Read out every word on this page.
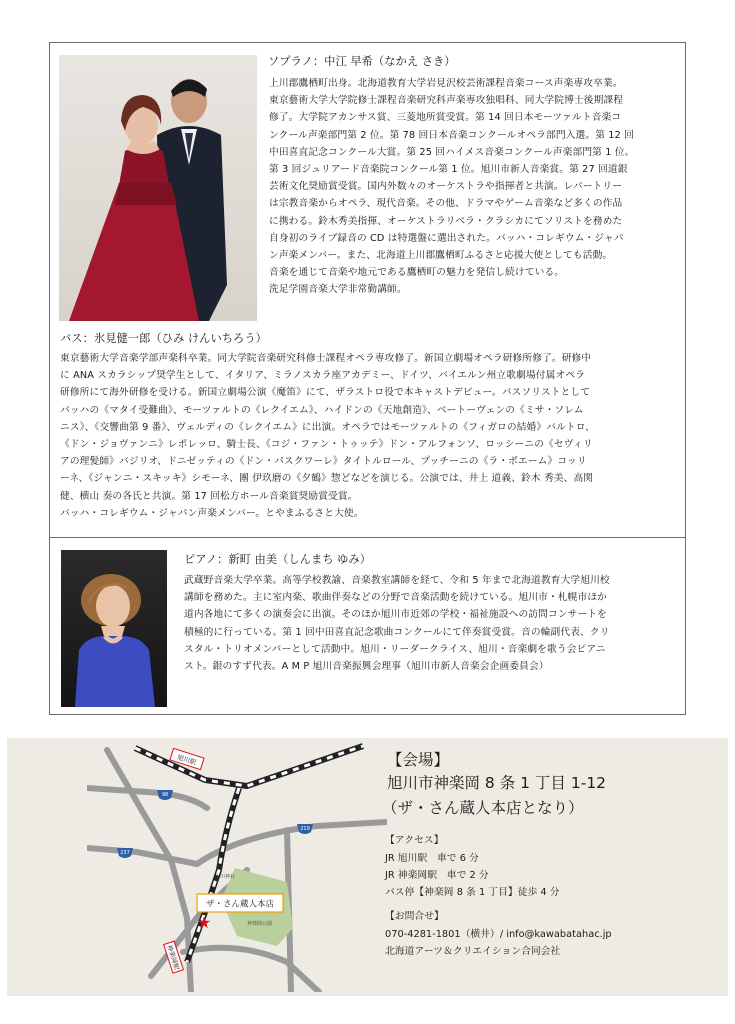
ソプラノ：中江 早希（なかえ さき）
上川郡鷹栖町出身。北海道教育大学岩見沢校芸術課程音楽コース声楽専攻卒業。
東京藝術大学大学院修士課程音楽研究科声楽専攻独唱科、同大学院博士後期課程
修了。大学院アカンサス賞、三菱地所賞受賞。第 14 回日本モーツァルト音楽コ
ンクール声楽部門第 2 位。第 78 回日本音楽コンクールオペラ部門入選。第 12 回
中田喜直記念コンクール大賞。第 25 回ハイメス音楽コンクール声楽部門第 1 位。
第 3 回ジュリアード音楽院コンクール第 1 位。旭川市新人音楽賞。第 27 回道銀
芸術文化奨励賞受賞。国内外数々のオーケストラや指揮者と共演。レパートリー
は宗教音楽からオペラ、現代音楽。その他、ドラマやゲーム音楽など多くの作品
に携わる。鈴木秀美指揮、オーケストラリベラ・クラシカにてソリストを務めた
自身初のライブ録音の CD は特選盤に選出された。バッハ・コレギウム・ジャパ
ン声楽メンバー。また、北海道上川郡鷹栖町ふるさと応援大使としても活動。
音楽を通じて音楽や地元である鷹栖町の魅力を発信し続けている。
洗足学園音楽大学非常勤講師。
バス：氷見健一郎（ひみ けんいちろう）
東京藝術大学音楽学部声楽科卒業。同大学院音楽研究科修士課程オペラ専攻修了。新国立劇場オペラ研修所修了。研修中
に ANA スカラシップ奨学生として、イタリア、ミラノスカラ座アカデミー、ドイツ、バイエルン州立歌劇場付属オペラ
研修所にて海外研修を受ける。新国立劇場公演《魔笛》にて、ザラストロ役で本キャストデビュー。バスソリストとして
バッハの《マタイ受難曲》、モーツァルトの《レクイエム》、ハイドンの《天地創造》、ベートーヴェンの《ミサ・ソレム
ニス》、《交響曲第 9 番》、ヴェルディの《レクイエム》に出演。オペラではモーツァルトの《フィガロの結婚》バルトロ、
《ドン・ジョヴァンニ》レポレッロ、騎士長、《コジ・ファン・トゥッテ》ドン・アルフォンソ、ロッシーニの《セヴィリ
アの理髪師》バジリオ、ドニゼッティの《ドン・パスクワーレ》タイトルロール、プッチーニの《ラ・ボエーム》コッリ
ーネ、《ジャンニ・スキッキ》シモーネ、團 伊玖磨の《夕鶴》惣どなどを演じる。公演では、井上 道義、鈴木 秀美、高関
健、横山 奏の各氏と共演。第 17 回松方ホール音楽賞奨励賞受賞。
バッハ・コレギウム・ジャパン声楽メンバー。とやまふるさと大使。
ピアノ：新町 由美（しんまち ゆみ）
武蔵野音楽大学卒業。高等学校教諭、音楽教室講師を経て、令和 5 年まで北海道教育大学旭川校
講師を務めた。主に室内楽、歌曲伴奏などの分野で音楽活動を続けている。旭川市・札幌市ほか
道内各地にて多くの演奏会に出演。そのほか旭川市近郊の学校・福祉施設への訪問コンサートを
積極的に行っている。第 1 回中田喜直記念歌曲コンクールにて伴奏賞受賞。音の輪副代表、クリ
スタル・トリオメンバーとして活動中。旭川・リーダークライス、旭川・音楽劇を歌う会ピアニ
スト。銀のすず代表。A M P 旭川音楽振興会理事（旭川市新人音楽会企画委員会）
旭川駅
神楽岡駅
98
237
219
上川神社
神楽岡公園
ザ・さん蔵人本店
★
【会場】
旭川市神楽岡 8 条 1 丁目 1-12
（ザ・さん蔵人本店となり）
【アクセス】
JR 旭川駅　車で 6 分
JR 神楽岡駅　車で 2 分
バス停【神楽岡 8 条 1 丁目】徒歩 4 分
【お問合せ】
070-4281-1801（横井）/ info@kawabatahac.jp
北海道アーツ＆クリエイション合同会社
